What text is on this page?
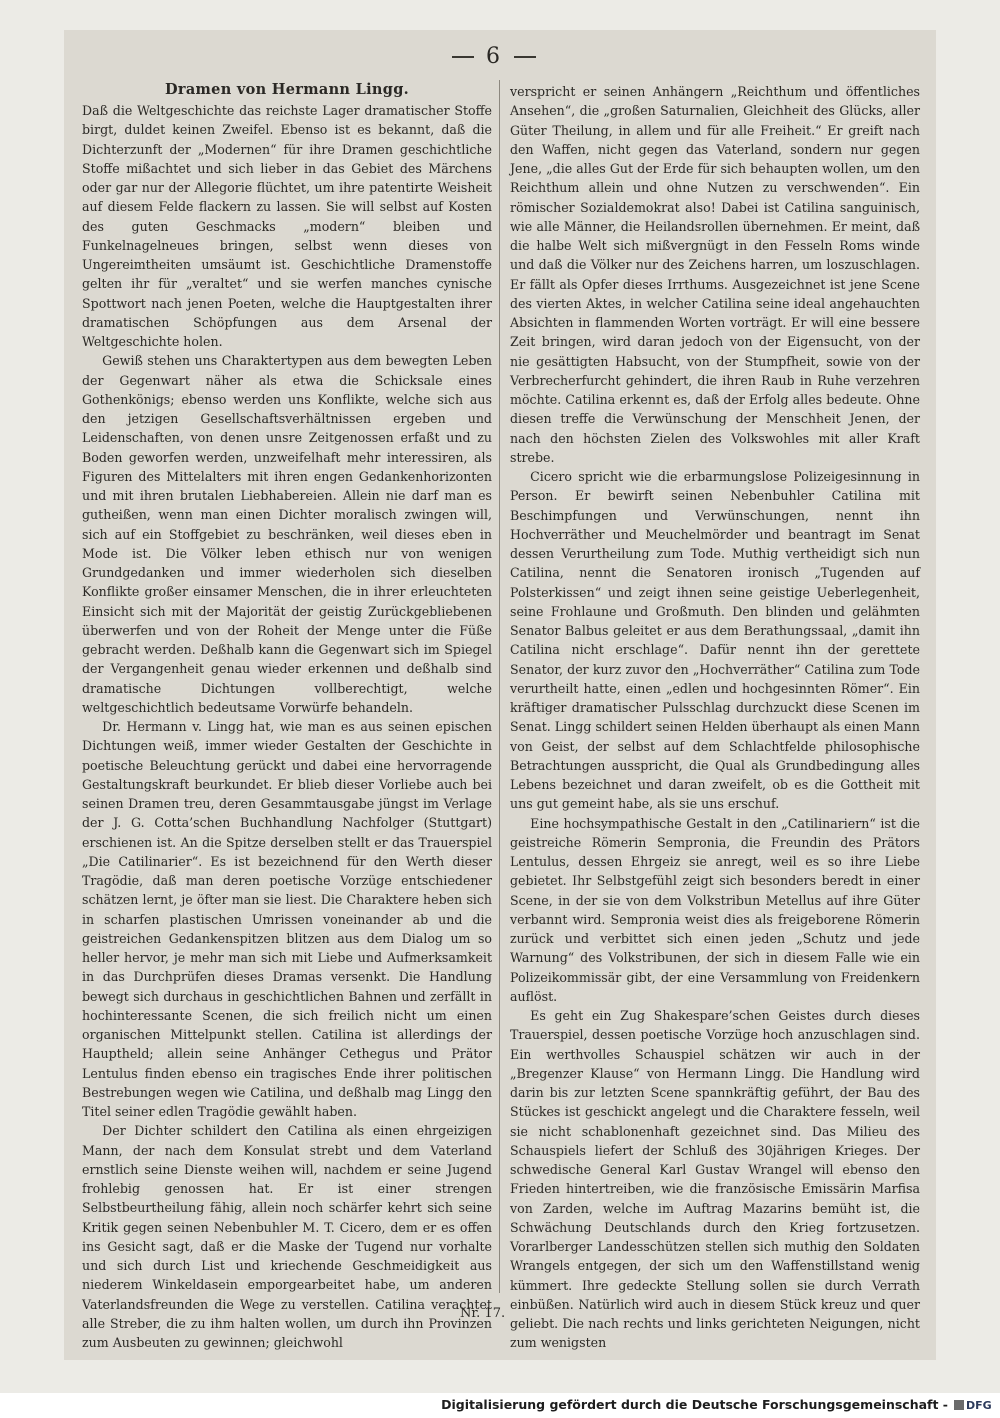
6
Dramen von Hermann Lingg.

Daß die Weltgeschichte das reichste Lager dramatischer Stoffe birgt, duldet keinen Zweifel. Ebenso ist es bekannt, daß die Dichterzunft der „Modernen“ für ihre Dramen geschichtliche Stoffe mißachtet und sich lieber in das Gebiet des Märchens oder gar nur der Allegorie flüchtet, um ihre patentirte Weisheit auf diesem Felde flackern zu lassen. Sie will selbst auf Kosten des guten Geschmacks „modern“ bleiben und Funkelnagelneues bringen, selbst wenn dieses von Ungereimtheiten umsäumt ist. Geschichtliche Dramenstoffe gelten ihr für „veraltet“ und sie werfen manches cynische Spottwort nach jenen Poeten, welche die Hauptgestalten ihrer dramatischen Schöpfungen aus dem Arsenal der Weltgeschichte holen.

Gewiß stehen uns Charaktertypen aus dem bewegten Leben der Gegenwart näher als etwa die Schicksale eines Gothenkönigs; ebenso werden uns Konflikte, welche sich aus den jetzigen Gesellschaftsverhältnissen ergeben und Leidenschaften, von denen unsre Zeitgenossen erfaßt und zu Boden geworfen werden, unzweifelhaft mehr interessiren, als Figuren des Mittelalters mit ihren engen Gedankenhorizonten und mit ihren brutalen Liebhabereien. Allein nie darf man es gutheißen, wenn man einen Dichter moralisch zwingen will, sich auf ein Stoffgebiet zu beschränken, weil dieses eben in Mode ist. Die Völker leben ethisch nur von wenigen Grundgedanken und immer wiederholen sich dieselben Konflikte großer einsamer Menschen, die in ihrer erleuchteten Einsicht sich mit der Majorität der geistig Zurückgebliebenen überwerfen und von der Roheit der Menge unter die Füße gebracht werden. Deßhalb kann die Gegenwart sich im Spiegel der Vergangenheit genau wieder erkennen und deßhalb sind dramatische Dichtungen vollberechtigt, welche weltgeschichtlich bedeutsame Vorwürfe behandeln.

Dr. Hermann v. Lingg hat, wie man es aus seinen epischen Dichtungen weiß, immer wieder Gestalten der Geschichte in poetische Beleuchtung gerückt und dabei eine hervorragende Gestaltungskraft beurkundet. Er blieb dieser Vorliebe auch bei seinen Dramen treu, deren Gesammtausgabe jüngst im Verlage der J. G. Cotta’schen Buchhandlung Nachfolger (Stuttgart) erschienen ist. An die Spitze derselben stellt er das Trauerspiel „Die Catilinarier“. Es ist bezeichnend für den Werth dieser Tragödie, daß man deren poetische Vorzüge entschiedener schätzen lernt, je öfter man sie liest. Die Charaktere heben sich in scharfen plastischen Umrissen voneinander ab und die geistreichen Gedankenspitzen blitzen aus dem Dialog um so heller hervor, je mehr man sich mit Liebe und Aufmerksamkeit in das Durchprüfen dieses Dramas versenkt. Die Handlung bewegt sich durchaus in geschichtlichen Bahnen und zerfällt in hochinteressante Scenen, die sich freilich nicht um einen organischen Mittelpunkt stellen. Catilina ist allerdings der Hauptheld; allein seine Anhänger Cethegus und Prätor Lentulus finden ebenso ein tragisches Ende ihrer politischen Bestrebungen wegen wie Catilina, und deßhalb mag Lingg den Titel seiner edlen Tragödie gewählt haben.

Der Dichter schildert den Catilina als einen ehrgeizigen Mann, der nach dem Konsulat strebt und dem Vaterland ernstlich seine Dienste weihen will, nachdem er seine Jugend frohlebig genossen hat. Er ist einer strengen Selbstbeurtheilung fähig, allein noch schärfer kehrt sich seine Kritik gegen seinen Nebenbuhler M. T. Cicero, dem er es offen ins Gesicht sagt, daß er die Maske der Tugend nur vorhalte und sich durch List und kriechende Geschmeidigkeit aus niederem Winkeldasein emporgearbeitet habe, um anderen Vaterlandsfreunden die Wege zu verstellen. Catilina verachtet alle Streber, die zu ihm halten wollen, um durch ihn Provinzen zum Ausbeuten zu gewinnen; gleichwohl

verspricht er seinen Anhängern „Reichthum und öffentliches Ansehen“, die „großen Saturnalien, Gleichheit des Glücks, aller Güter Theilung, in allem und für alle Freiheit.“ Er greift nach den Waffen, nicht gegen das Vaterland, sondern nur gegen Jene, „die alles Gut der Erde für sich behaupten wollen, um den Reichthum allein und ohne Nutzen zu verschwenden“. Ein römischer Sozialdemokrat also! Dabei ist Catilina sanguinisch, wie alle Männer, die Heilandsrollen übernehmen. Er meint, daß die halbe Welt sich mißvergnügt in den Fesseln Roms winde und daß die Völker nur des Zeichens harren, um loszuschlagen. Er fällt als Opfer dieses Irrthums. Ausgezeichnet ist jene Scene des vierten Aktes, in welcher Catilina seine ideal angehauchten Absichten in flammenden Worten vorträgt. Er will eine bessere Zeit bringen, wird daran jedoch von der Eigensucht, von der nie gesättigten Habsucht, von der Stumpfheit, sowie von der Verbrecherfurcht gehindert, die ihren Raub in Ruhe verzehren möchte. Catilina erkennt es, daß der Erfolg alles bedeute. Ohne diesen treffe die Verwünschung der Menschheit Jenen, der nach den höchsten Zielen des Volkswohles mit aller Kraft strebe.

Cicero spricht wie die erbarmungslose Polizeigesinnung in Person. Er bewirft seinen Nebenbuhler Catilina mit Beschimpfungen und Verwünschungen, nennt ihn Hochverräther und Meuchelmörder und beantragt im Senat dessen Verurtheilung zum Tode. Muthig vertheidigt sich nun Catilina, nennt die Senatoren ironisch „Tugenden auf Polsterkissen“ und zeigt ihnen seine geistige Ueberlegenheit, seine Frohlaune und Großmuth. Den blinden und gelähmten Senator Balbus geleitet er aus dem Berathungssaal, „damit ihn Catilina nicht erschlage“. Dafür nennt ihn der gerettete Senator, der kurz zuvor den „Hochverräther“ Catilina zum Tode verurtheilt hatte, einen „edlen und hochgesinnten Römer“. Ein kräftiger dramatischer Pulsschlag durchzuckt diese Scenen im Senat. Lingg schildert seinen Helden überhaupt als einen Mann von Geist, der selbst auf dem Schlachtfelde philosophische Betrachtungen ausspricht, die Qual als Grundbedingung alles Lebens bezeichnet und daran zweifelt, ob es die Gottheit mit uns gut gemeint habe, als sie uns erschuf.

Eine hochsympathische Gestalt in den „Catilinariern“ ist die geistreiche Römerin Sempronia, die Freundin des Prätors Lentulus, dessen Ehrgeiz sie anregt, weil es so ihre Liebe gebietet. Ihr Selbstgefühl zeigt sich besonders beredt in einer Scene, in der sie von dem Volkstribun Metellus auf ihre Güter verbannt wird. Sempronia weist dies als freigeborene Römerin zurück und verbittet sich einen jeden „Schutz und jede Warnung“ des Volkstribunen, der sich in diesem Falle wie ein Polizeikommissär gibt, der eine Versammlung von Freidenkern auflöst.

Es geht ein Zug Shakespare’schen Geistes durch dieses Trauerspiel, dessen poetische Vorzüge hoch anzuschlagen sind. Ein werthvolles Schauspiel schätzen wir auch in der „Bregenzer Klause“ von Hermann Lingg. Die Handlung wird darin bis zur letzten Scene spannkräftig geführt, der Bau des Stückes ist geschickt angelegt und die Charaktere fesseln, weil sie nicht schablonenhaft gezeichnet sind. Das Milieu des Schauspiels liefert der Schluß des 30jährigen Krieges. Der schwedische General Karl Gustav Wrangel will ebenso den Frieden hintertreiben, wie die französische Emissärin Marfisa von Zarden, welche im Auftrag Mazarins bemüht ist, die Schwächung Deutschlands durch den Krieg fortzusetzen. Vorarlberger Landesschützen stellen sich muthig den Soldaten Wrangels entgegen, der sich um den Waffenstillstand wenig kümmert. Ihre gedeckte Stellung sollen sie durch Verrath einbüßen. Natürlich wird auch in diesem Stück kreuz und quer geliebt. Die nach rechts und links gerichteten Neigungen, nicht zum wenigsten

Nr. 17.
Digitalisierung gefördert durch die Deutsche Forschungsgemeinschaft - DFG
